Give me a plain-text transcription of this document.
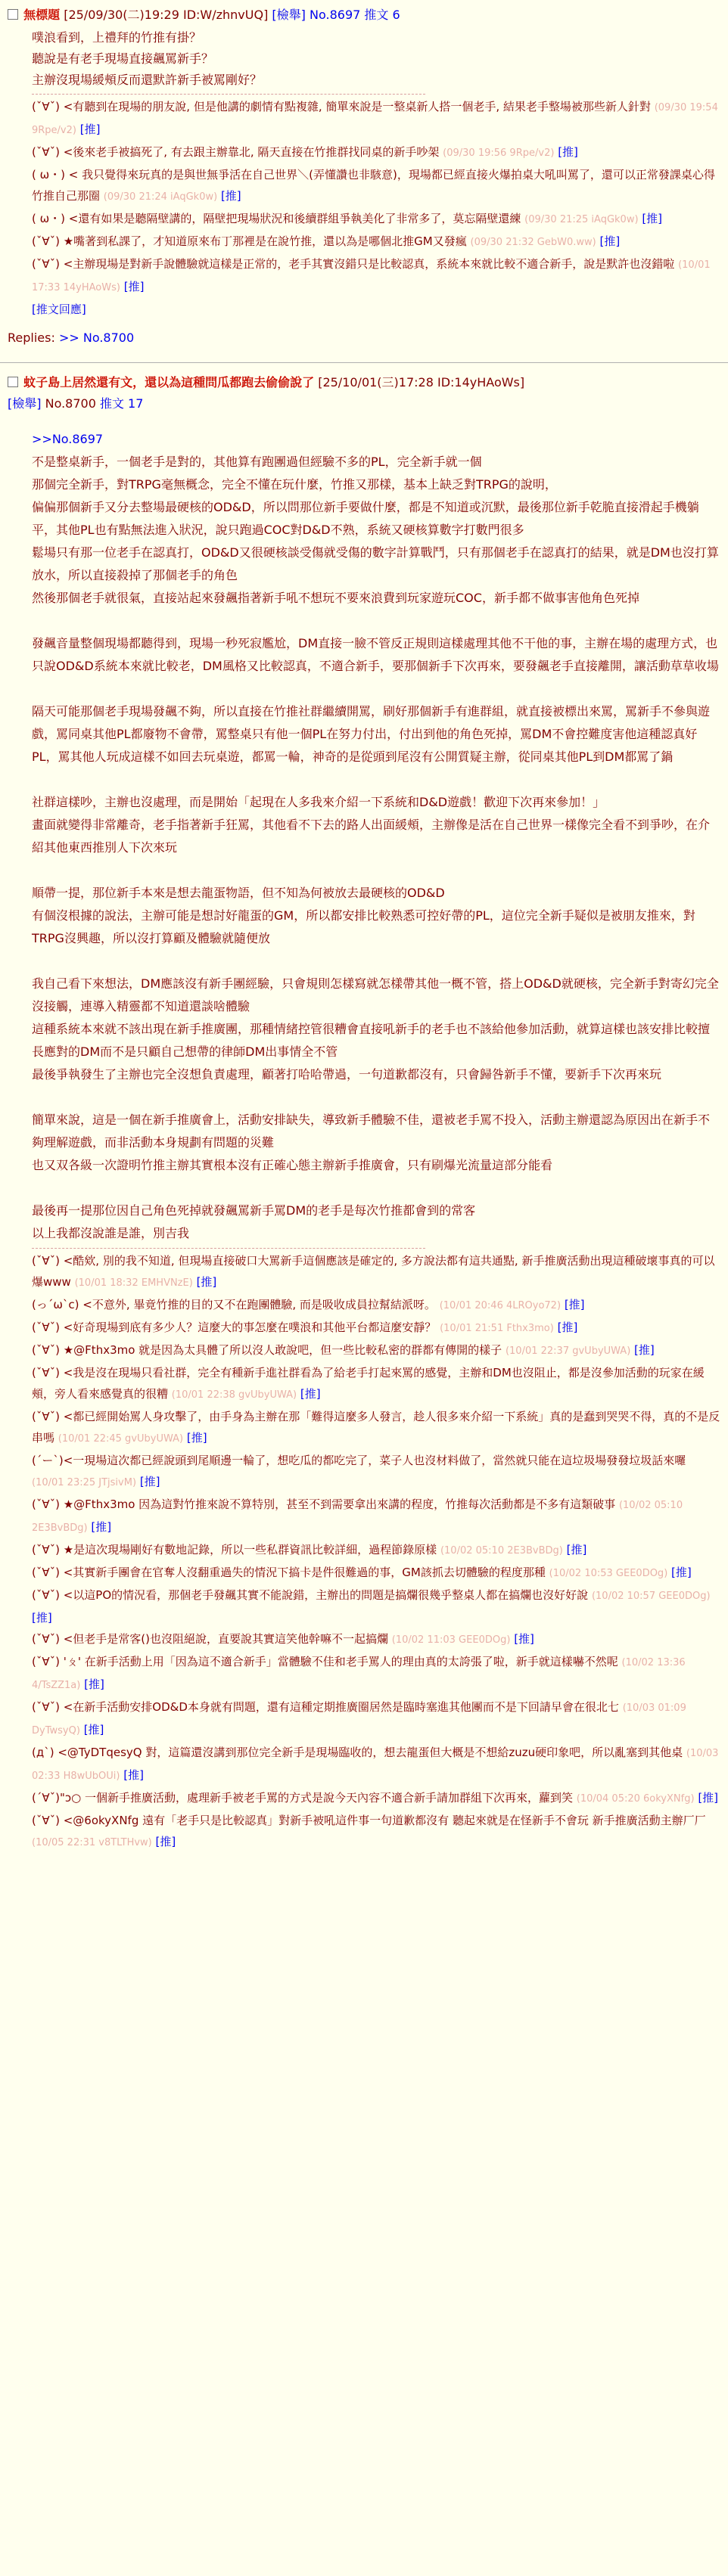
無標題 [25/09/30(二)19:29 ID:W/zhnvUQ] [檢舉] No.8697 推文 6

噗浪看到，上禮拜的竹推有掛？

聽說是有老手現場直接飆罵新手？

主辦沒現場緩頰反而還默許新手被罵剛好？

(ˇ∀ˇ) <有聽到在現場的朋友說, 但是他講的劇情有點複雜, 簡單來說是一整桌新人搭一個老手, 結果老手整場被那些新人針對 (09/30 19:54 9Rpe/v2) [推]
(ˇ∀ˇ) <後來老手被搞死了, 有去跟主辦靠北, 隔天直接在竹推群找同桌的新手吵架 (09/30 19:56 9Rpe/v2) [推]
( ω・) < 我只覺得來玩真的是與世無爭活在自己世界＼(弄懂讚也非駭意)，現場都已經直接火爆拍桌大吼叫罵了，還可以正常發課桌心得竹推自己那圈 (09/30 21:24 iAqGk0w) [推]
( ω・) <還有如果是聽隔壁講的，隔壁把現場狀況和後續群組爭執美化了非常多了，莫忘隔壁還練 (09/30 21:25 iAqGk0w) [推]
(ˇ∀ˇ) ★嘴著到私課了，才知道原來布丁那裡是在說竹推，還以為是哪個北推GM又發瘋 (09/30 21:32 GebW0.ww) [推]
(ˇ∀ˇ) <主辦現場是對新手說體驗就這樣是正常的，老手其實沒錯只是比較認真，系統本來就比較不適合新手，說是默許也沒錯啦 (10/01 17:33 14yHAoWs) [推]
[推文回應]
Replies: >> No.8700
蚊子島上居然還有文，還以為這種問瓜都跑去偷偷說了 [25/10/01(三)17:28 ID:14yHAoWs]
[檢舉] No.8700 推文 17

>>No.8697

不是整桌新手，一個老手是對的，其他算有跑團過但經驗不多的PL，完全新手就一個

那個完全新手，對TRPG毫無概念，完全不懂在玩什麼，竹推又那樣，基本上缺乏對TRPG的說明，

偏偏那個新手又分去整場最硬核的OD&D，所以問那位新手要做什麼，都是不知道或沉默，最後那位新手乾脆直接滑起手機躺平，其他PL也有點無法進入狀況，說只跑過COC對D&D不熟，系統又硬核算數字打數門很多

鬆場只有那一位老手在認真打，OD&D又很硬核談受傷就受傷的數字計算戰鬥，只有那個老手在認真打的結果，就是DM也沒打算放水，所以直接殺掉了那個老手的角色

然後那個老手就很氣，直接站起來發飆指著新手吼不想玩不要來浪費到玩家遊玩COC，新手都不做事害他角色死掉

發飆音量整個現場都聽得到，現場一秒死寂尷尬，DM直接一臉不管反正規則這樣處理其他不干他的事，主辦在場的處理方式，也只說OD&D系統本來就比較老，DM風格又比較認真，不適合新手，要那個新手下次再來，要發飆老手直接離開，讓活動草草收場

隔天可能那個老手現場發飆不夠，所以直接在竹推社群繼續開罵，刷好那個新手有進群組，就直接被標出來罵，罵新手不參與遊戲，罵同桌其他PL都廢物不會帶，罵整桌只有他一個PL在努力付出，付出到他的角色死掉，罵DM不會控難度害他這種認真好PL，罵其他人玩成這樣不如回去玩桌遊，都罵一輪，神奇的是從頭到尾沒有公開質疑主辦，從同桌其他PL到DM都罵了鍋

社群這樣吵，主辦也沒處理，而是開始「起現在人多我來介紹一下系統和D&D遊戲！歡迎下次再來參加！」

畫面就變得非常離奇，老手指著新手狂罵，其他看不下去的路人出面緩頰，主辦像是活在自己世界一樣像完全看不到爭吵，在介紹其他東西推別人下次來玩

順帶一提，那位新手本來是想去龍蛋物語，但不知為何被放去最硬核的OD&D

有個沒根據的說法，主辦可能是想討好龍蛋的GM，所以都安排比較熟悉可控好帶的PL，這位完全新手疑似是被朋友推來，對TRPG沒興趣，所以沒打算顧及體驗就隨便放

我自己看下來想法，DM應該沒有新手團經驗，只會規則怎樣寫就怎樣帶其他一概不管，搭上OD&D就硬核，完全新手對寄幻完全沒接觸，連導入精靈都不知道還談啥體驗

這種系統本來就不該出現在新手推廣團，那種情緒控管很糟會直接吼新手的老手也不該給他參加活動，就算這樣也該安排比較擅長應對的DM而不是只顧自己想帶的律師DM出事情全不管

最後爭執發生了主辦也完全沒想負責處理，顧著打哈哈帶過，一句道歉都沒有，只會歸咎新手不懂，要新手下次再來玩

簡單來說，這是一個在新手推廣會上，活動安排缺失，導致新手體驗不佳，還被老手罵不投入，活動主辦還認為原因出在新手不夠理解遊戲，而非活動本身規劃有問題的災難

也又双各級一次證明竹推主辦其實根本沒有正確心態主辦新手推廣會，只有刷爆光流量這部分能看

最後再一提那位因自己角色死掉就發飆罵新手罵DM的老手是每次竹推都會到的常客

以上我都沒說誰是誰，別吉我

(ˇ∀ˇ) <酷欸, 別的我不知道, 但現場直接破口大罵新手這個應該是確定的, 多方說法都有這共通點, 新手推廣活動出現這種破壞事真的可以爆www (10/01 18:32 EMHVNzE) [推]
(っ´ω`c) <不意外, 畢竟竹推的目的又不在跑團體驗, 而是吸收成員拉幫結派呀。 (10/01 20:46 4LROyo72) [推]
(ˇ∀ˇ) <好奇現場到底有多少人？這麼大的事怎麼在噗浪和其他平台都這麼安靜？ (10/01 21:51 Fthx3mo) [推]
(ˇ∀ˇ) ★@Fthx3mo 就是因為太具體了所以沒人敢說吧，但一些比較私密的群都有傳開的樣子 (10/01 22:37 gvUbyUWA) [推]
(ˇ∀ˇ) <我是沒在現場只看社群，完全有種新手進社群看為了給老手打起來罵的感覺，主辦和DM也沒阻止，都是沒參加活動的玩家在緩頰，旁人看來感覺真的很糟 (10/01 22:38 gvUbyUWA) [推]
(ˇ∀ˇ) <都已經開始罵人身攻擊了，由手身為主辦在那「難得這麼多人發言，趁人很多來介紹一下系統」真的是蠢到哭哭不得，真的不是反串嗎 (10/01 22:45 gvUbyUWA) [推]
(´ー`)<一現場這次都已經說頭到尾順邊一輪了，想吃瓜的都吃完了，菜子人也沒材料做了，當然就只能在這垃圾場發發垃圾話來囉 (10/01 23:25 JTjsivM) [推]
(ˇ∀ˇ) ★@Fthx3mo 因為這對竹推來說不算特別，甚至不到需要拿出來講的程度，竹推每次活動都是不多有這類破事 (10/02 05:10 2E3BvBDg) [推]
(ˇ∀ˇ) ★是這次現場剛好有數地記錄，所以一些私群資訊比較詳細，過程節錄原樣 (10/02 05:10 2E3BvBDg) [推]
(ˇ∀ˇ) <其實新手團會在官奪人沒翻重過失的情況下搞卡是件很難過的事，GM該抓去切體驗的程度那種 (10/02 10:53 GEE0DOg) [推]
(ˇ∀ˇ) <以這PO的情況看，那個老手發飆其實不能說錯，主辦出的問題是搞爛很幾乎整桌人都在搞爛也沒好好說 (10/02 10:57 GEE0DOg) [推]
(ˇ∀ˇ) <但老手是常客()也沒阻絕說，直要說其實這笑他幹嘛不一起搞爛 (10/02 11:03 GEE0DOg) [推]
(ˇ∀ˇ) 'ㄆ' 在新手活動上用「因為這不適合新手」當體驗不佳和老手罵人的理由真的太誇張了啦，新手就這樣嚇不然呢 (10/02 13:36 4/TsZZ1a) [推]
(ˇ∀ˇ) <在新手活動安排OD&D本身就有問題，還有這種定期推廣圈居然是臨時塞進其他團而不是下回請早會在很北七 (10/03 01:09 DyTwsyQ) [推]
(д`) <@TyDTqesyQ 對，這篇還沒講到那位完全新手是現場臨收的，想去龍蛋但大概是不想給zuzu硬印象吧，所以亂塞到其他桌 (10/03 02:33 H8wUbOUi) [推]
(´∀ˇ)"ɔ○ 一個新手推廣活動，處理新手被老手罵的方式是說今天內容不適合新手請加群組下次再來，蘿到笑 (10/04 05:20 6okyXNfg) [推]
(ˇ∀ˇ) <@6okyXNfg 遠有「老手只是比較認真」對新手被吼這件事一句道歉都沒有 聽起來就是在怪新手不會玩 新手推廣活動主辦厂厂 (10/05 22:31 v8TLTHvw) [推]
